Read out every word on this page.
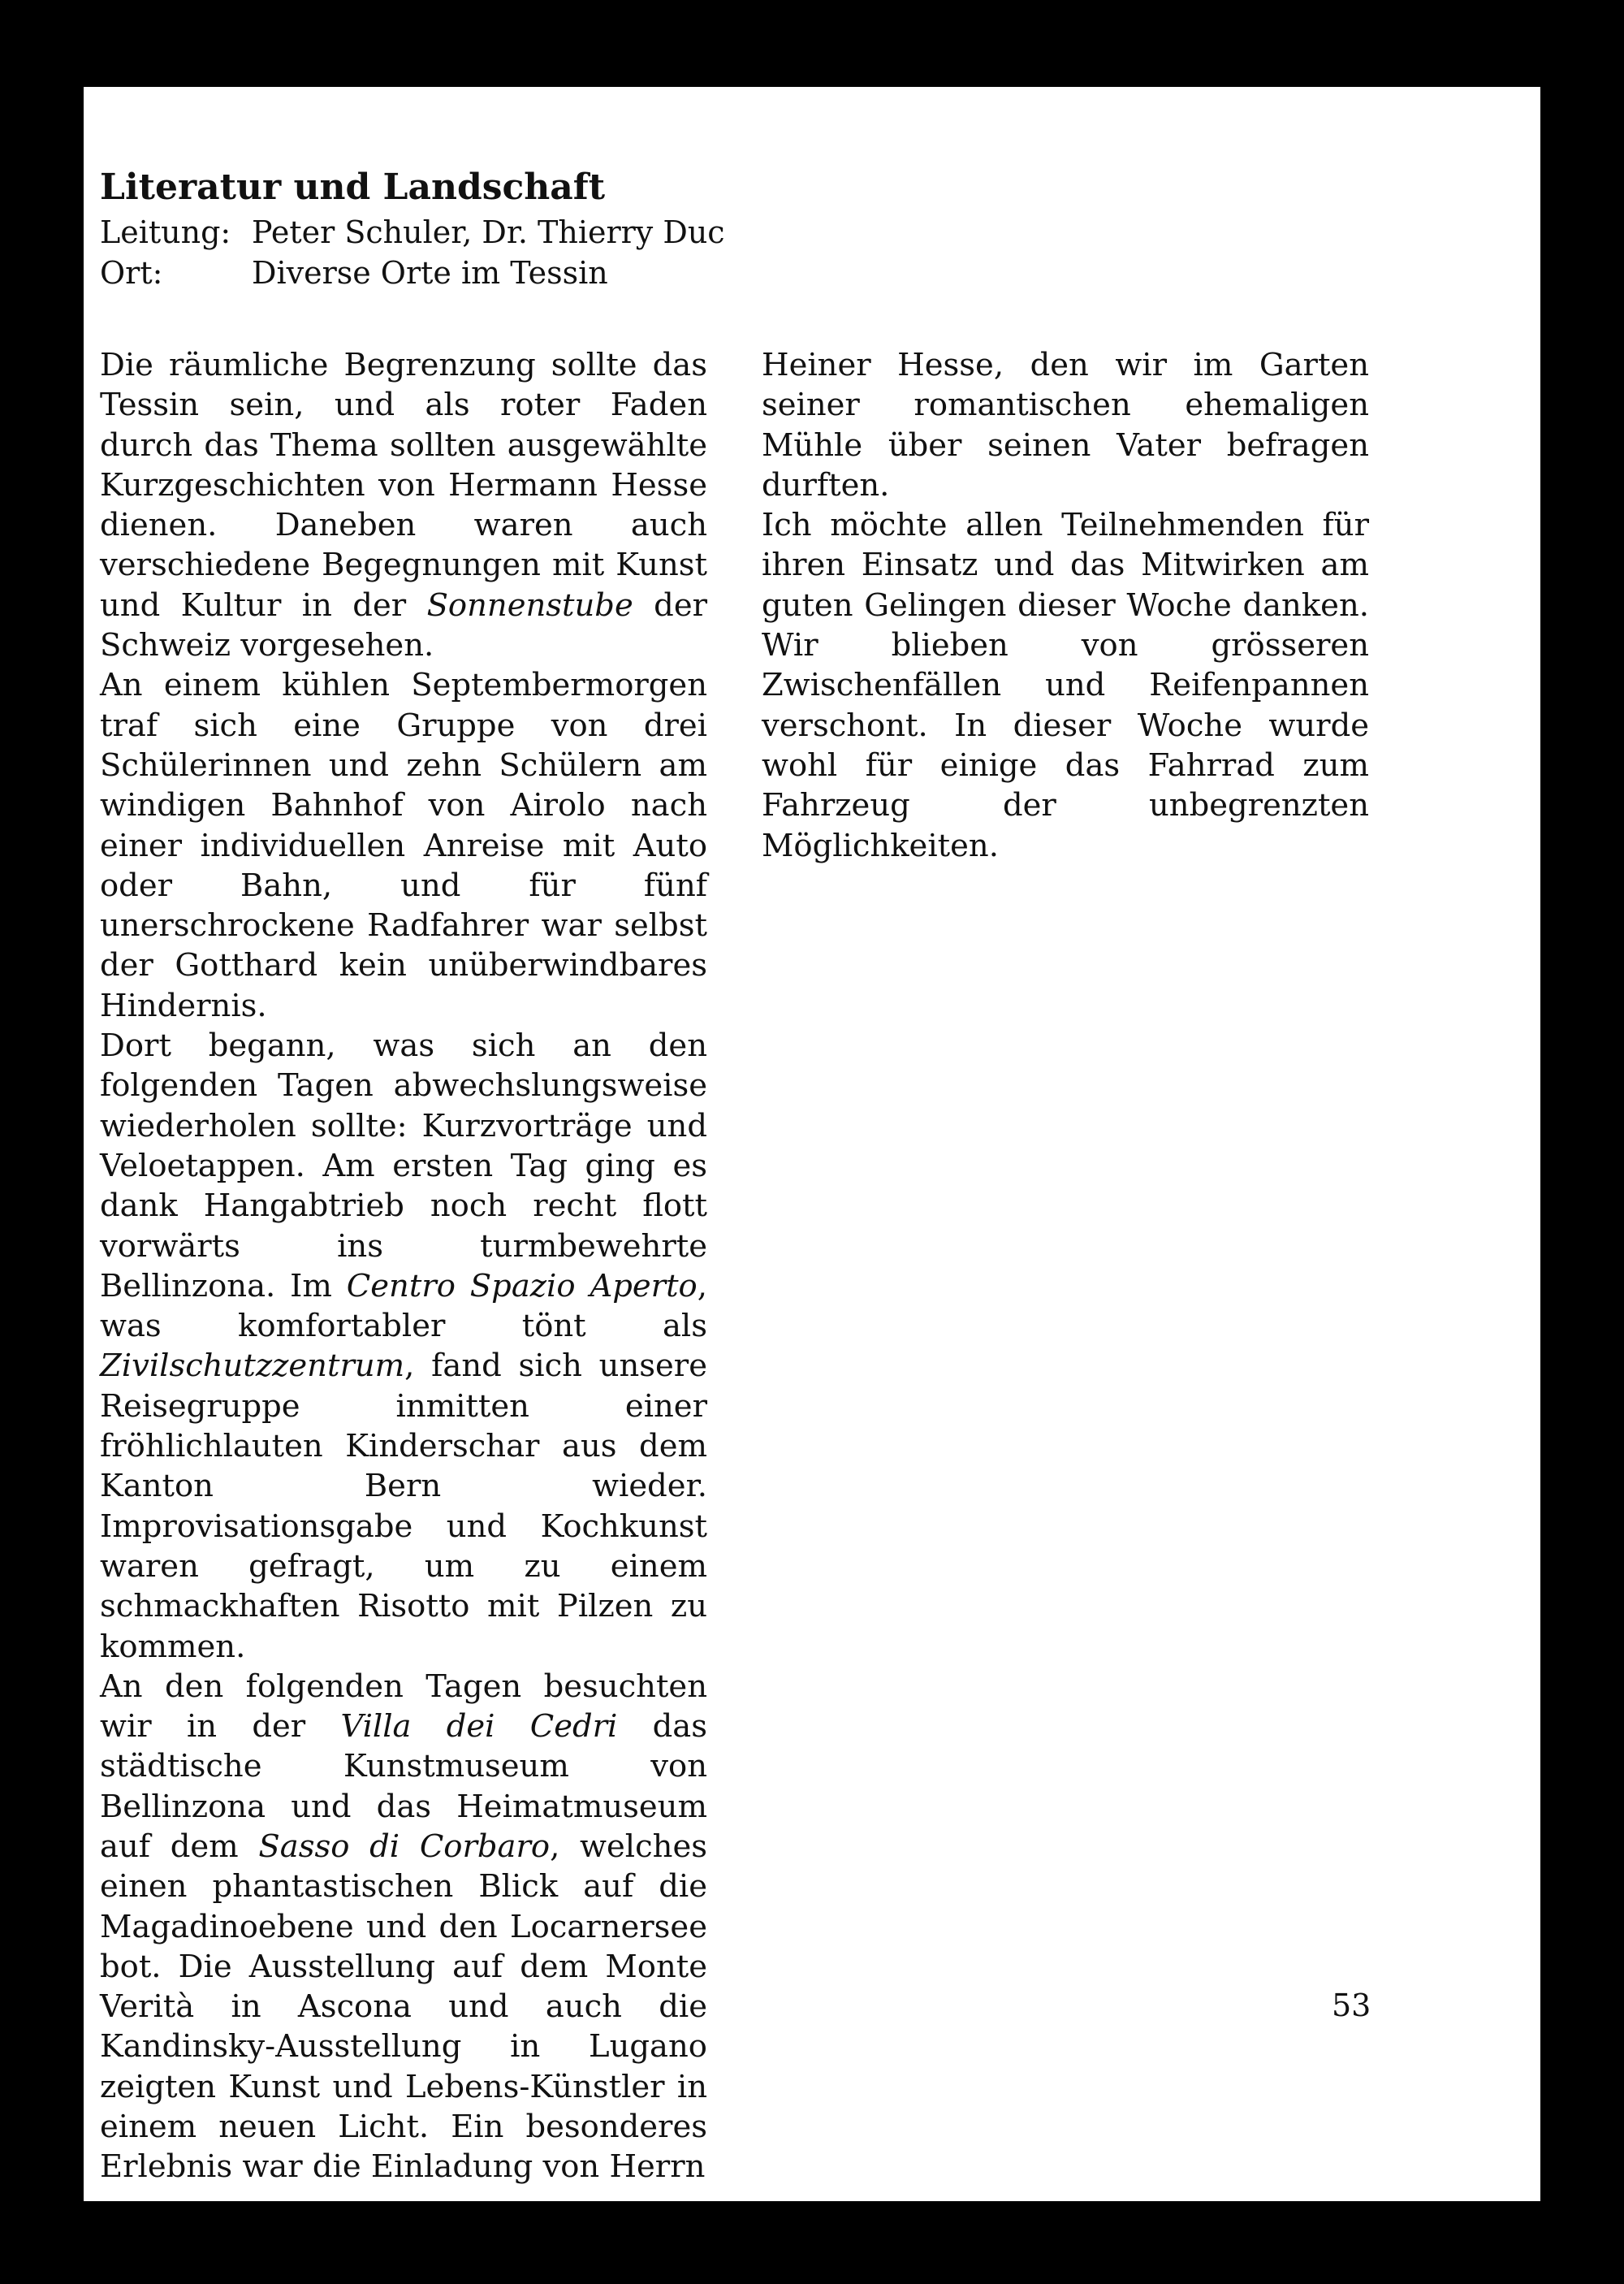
Literatur und Landschaft
Leitung: Peter Schuler, Dr. Thierry Duc
Ort:	Diverse Orte im Tessin

Die räumliche Begrenzung sollte das Tessin sein, und als roter Faden durch das Thema sollten ausgewählte Kurzgeschichten von Hermann Hesse dienen. Daneben waren auch verschiedene Begegnungen mit Kunst und Kultur in der Sonnenstube der Schweiz vorgesehen.

An einem kühlen Septembermorgen traf sich eine Gruppe von drei Schülerinnen und zehn Schülern am windigen Bahnhof von Airolo nach einer individuellen Anreise mit Auto oder Bahn, und für fünf unerschrockene Radfahrer war selbst der Gotthard kein unüberwindbares Hindernis.

Dort begann, was sich an den folgenden Tagen abwechslungsweise wiederholen sollte: Kurzvorträge und Veloetappen. Am ersten Tag ging es dank Hangabtrieb noch recht flott vorwärts ins turmbewehrte Bellinzona. Im Centro Spazio Aperto, was komfortabler tönt als Zivilschutzzentrum, fand sich unsere Reisegruppe inmitten einer fröhlichlauten Kinderschar aus dem Kanton Bern wieder. Improvisationsgabe und Kochkunst waren gefragt, um zu einem schmackhaften Risotto mit Pilzen zu kommen.

An den folgenden Tagen besuchten wir in der Villa dei Cedri das städtische Kunstmuseum von Bellinzona und das Heimatmuseum auf dem Sasso di Corbaro, welches einen phantastischen Blick auf die Magadinoebene und den Locarnersee bot. Die Ausstellung auf dem Monte Verità in Ascona und auch die Kandinsky-Ausstellung in Lugano zeigten Kunst und Lebens-Künstler in einem neuen Licht. Ein besonderes Erlebnis war die Einladung von Herrn

Heiner Hesse, den wir im Garten seiner romantischen ehemaligen Mühle über seinen Vater befragen durften.

Ich möchte allen Teilnehmenden für ihren Einsatz und das Mitwirken am guten Gelingen dieser Woche danken. Wir blieben von grösseren Zwischenfällen und Reifenpannen verschont. In dieser Woche wurde wohl für einige das Fahrrad zum Fahrzeug der unbegrenzten Möglichkeiten.

53
